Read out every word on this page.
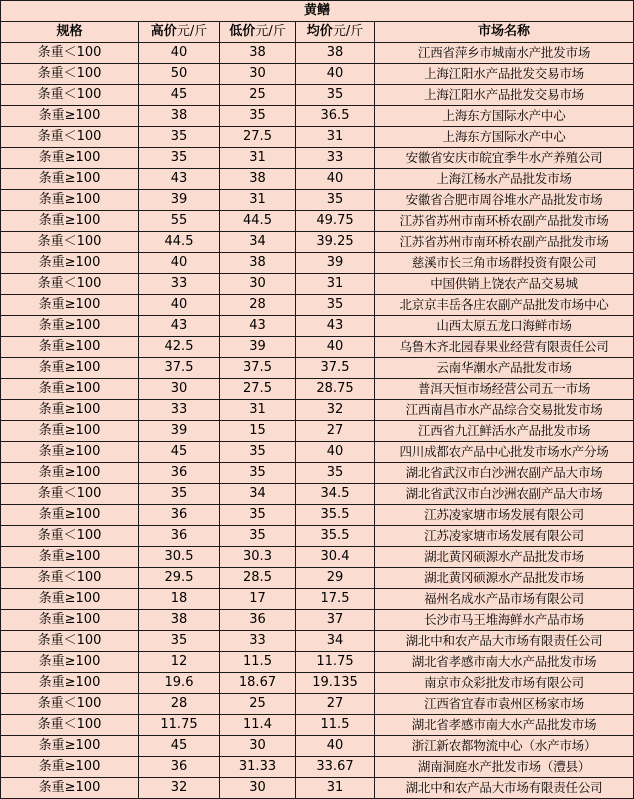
黄鳝				
规格	高价元/斤	低价元/斤	均价元/斤	市场名称
条重＜100	40	38	38	江西省萍乡市城南水产批发市场
条重＜100	50	30	40	上海江阳水产品批发交易市场
条重＜100	45	25	35	上海江阳水产品批发交易市场
条重≥100	38	35	36.5	上海东方国际水产中心
条重＜100	35	27.5	31	上海东方国际水产中心
条重≥100	35	31	33	安徽省安庆市皖宜季牛水产养殖公司
条重≥100	43	38	40	上海江杨水产品批发市场
条重≥100	39	31	35	安徽省合肥市周谷堆水产品批发市场
条重≥100	55	44.5	49.75	江苏省苏州市南环桥农副产品批发市场
条重＜100	44.5	34	39.25	江苏省苏州市南环桥农副产品批发市场
条重≥100	40	38	39	慈溪市长三角市场群投资有限公司
条重＜100	33	30	31	中国供销上饶农产品交易城
条重≥100	40	28	35	北京京丰岳各庄农副产品批发市场中心
条重≥100	43	43	43	山西太原五龙口海鲜市场
条重≥100	42.5	39	40	乌鲁木齐北园春果业经营有限责任公司
条重≥100	37.5	37.5	37.5	云南华潮水产品批发市场
条重≥100	30	27.5	28.75	普洱天恒市场经营公司五一市场
条重≥100	33	31	32	江西南昌市水产品综合交易批发市场
条重≥100	39	15	27	江西省九江鲜活水产品批发市场
条重≥100	45	35	40	四川成都农产品中心批发市场水产分场
条重≥100	36	35	35	湖北省武汉市白沙洲农副产品大市场
条重＜100	35	34	34.5	湖北省武汉市白沙洲农副产品大市场
条重≥100	36	35	35.5	江苏凌家塘市场发展有限公司
条重＜100	36	35	35.5	江苏凌家塘市场发展有限公司
条重≥100	30.5	30.3	30.4	湖北黄冈硕源水产品批发市场
条重＜100	29.5	28.5	29	湖北黄冈硕源水产品批发市场
条重≥100	18	17	17.5	福州名成水产品市场有限公司
条重≥100	38	36	37	长沙市马王堆海鲜水产品市场
条重＜100	35	33	34	湖北中和农产品大市场有限责任公司
条重≥100	12	11.5	11.75	湖北省孝感市南大水产品批发市场
条重≥100	19.6	18.67	19.135	南京市众彩批发市场有限公司
条重＜100	28	25	27	江西省宜春市袁州区杨家市场
条重＜100	11.75	11.4	11.5	湖北省孝感市南大水产品批发市场
条重≥100	45	30	40	浙江新农都物流中心（水产市场）
条重≥100	36	31.33	33.67	湖南洞庭水产批发市场（澧县）
条重≥100	32	30	31	湖北中和农产品大市场有限责任公司
